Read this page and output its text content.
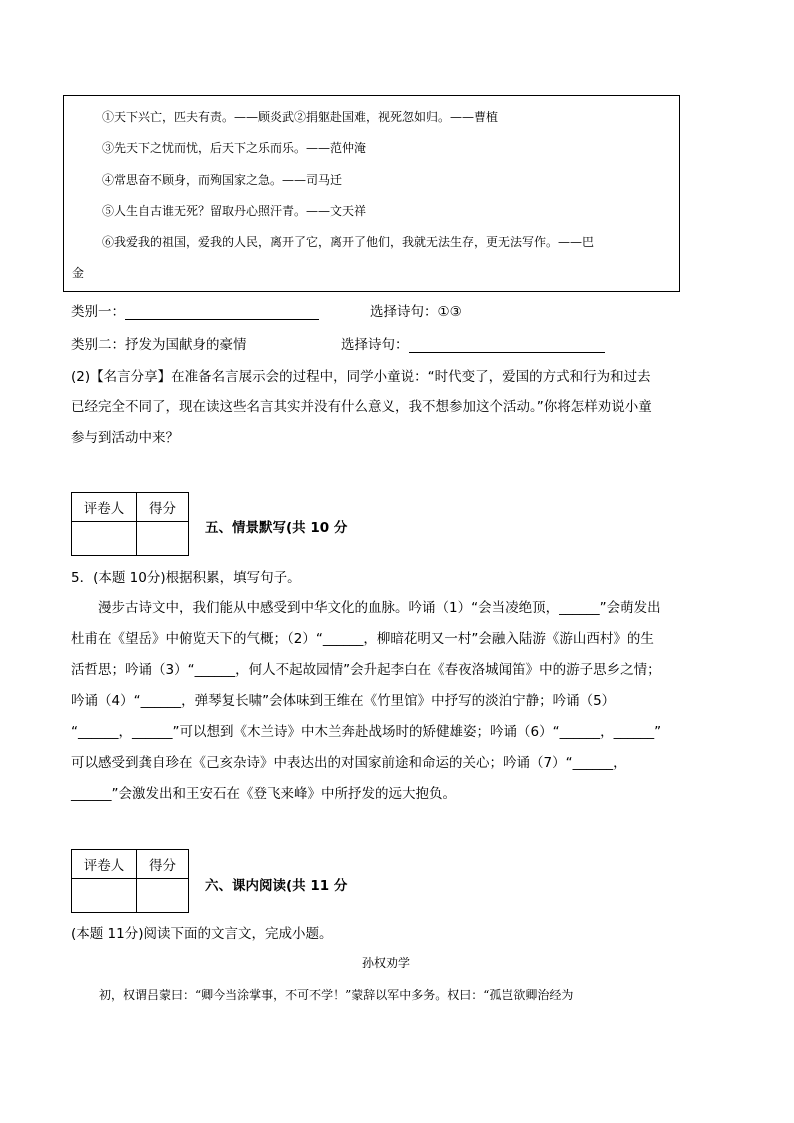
①天下兴亡，匹夫有责。——顾炎武②捐躯赴国难，视死忽如归。——曹植
③先天下之忧而忧，后天下之乐而乐。——范仲淹
④常思奋不顾身，而殉国家之急。——司马迁
⑤人生自古谁无死？留取丹心照汗青。——文天祥
⑥我爱我的祖国，爱我的人民，离开了它，离开了他们，我就无法生存，更无法写作。——巴
金
类别一：	选择诗句：①③
类别二：抒发为国献身的豪情	选择诗句：
(2)【名言分享】在准备名言展示会的过程中，同学小童说：“时代变了，爱国的方式和行为和过去
已经完全不同了，现在读这些名言其实并没有什么意义，我不想参加这个活动。”你将怎样劝说小童
参与到活动中来？
评卷人	得分

五、情景默写(共 10 分
5．(本题 10分)根据积累，填写句子。
漫步古诗文中，我们能从中感受到中华文化的血脉。吟诵（1）“会当凌绝顶，______”会萌发出
杜甫在《望岳》中俯览天下的气概；（2）“______，柳暗花明又一村”会融入陆游《游山西村》的生
活哲思；吟诵（3）“______，何人不起故园情”会升起李白在《春夜洛城闻笛》中的游子思乡之情；
吟诵（4）“______，弹琴复长啸”会体味到王维在《竹里馆》中抒写的淡泊宁静；吟诵（5）
“______，______”可以想到《木兰诗》中木兰奔赴战场时的矫健雄姿；吟诵（6）“______，______”
可以感受到龚自珍在《己亥杂诗》中表达出的对国家前途和命运的关心；吟诵（7）“______，
______”会激发出和王安石在《登飞来峰》中所抒发的远大抱负。
评卷人	得分

六、课内阅读(共 11 分
(本题 11分)阅读下面的文言文，完成小题。
孙权劝学
初，权谓吕蒙曰：“卿今当涂掌事，不可不学！”蒙辞以军中多务。权曰：“孤岂欲卿治经为
